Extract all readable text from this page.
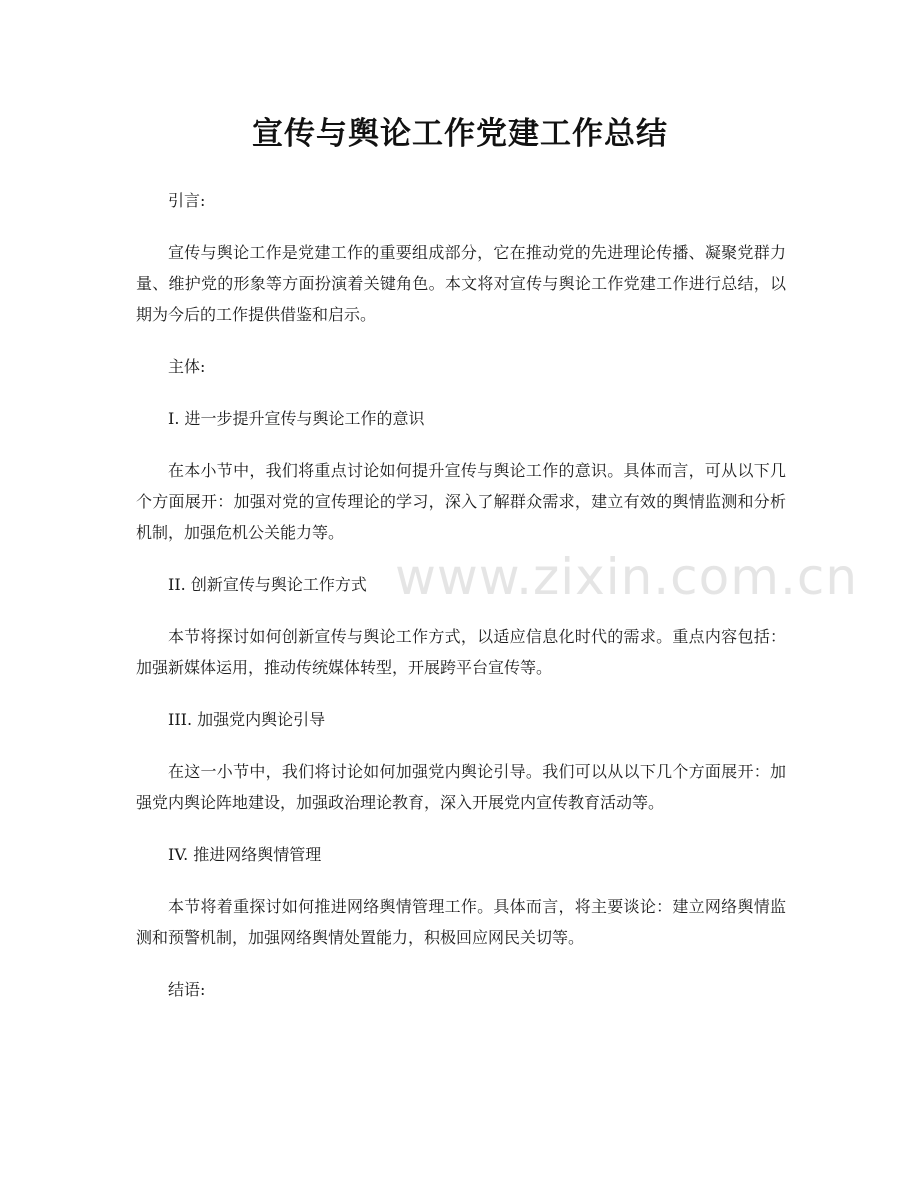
宣传与舆论工作党建工作总结

引言:

宣传与舆论工作是党建工作的重要组成部分，它在推动党的先进理论传播、凝聚党群力量、维护党的形象等方面扮演着关键角色。本文将对宣传与舆论工作党建工作进行总结，以期为今后的工作提供借鉴和启示。

主体:

I. 进一步提升宣传与舆论工作的意识

在本小节中，我们将重点讨论如何提升宣传与舆论工作的意识。具体而言，可从以下几个方面展开：加强对党的宣传理论的学习，深入了解群众需求，建立有效的舆情监测和分析机制，加强危机公关能力等。

II. 创新宣传与舆论工作方式

本节将探讨如何创新宣传与舆论工作方式，以适应信息化时代的需求。重点内容包括：加强新媒体运用，推动传统媒体转型，开展跨平台宣传等。

III. 加强党内舆论引导

在这一小节中，我们将讨论如何加强党内舆论引导。我们可以从以下几个方面展开：加强党内舆论阵地建设，加强政治理论教育，深入开展党内宣传教育活动等。

IV. 推进网络舆情管理

本节将着重探讨如何推进网络舆情管理工作。具体而言，将主要谈论：建立网络舆情监测和预警机制，加强网络舆情处置能力，积极回应网民关切等。

结语:

www.zixin.com.cn
